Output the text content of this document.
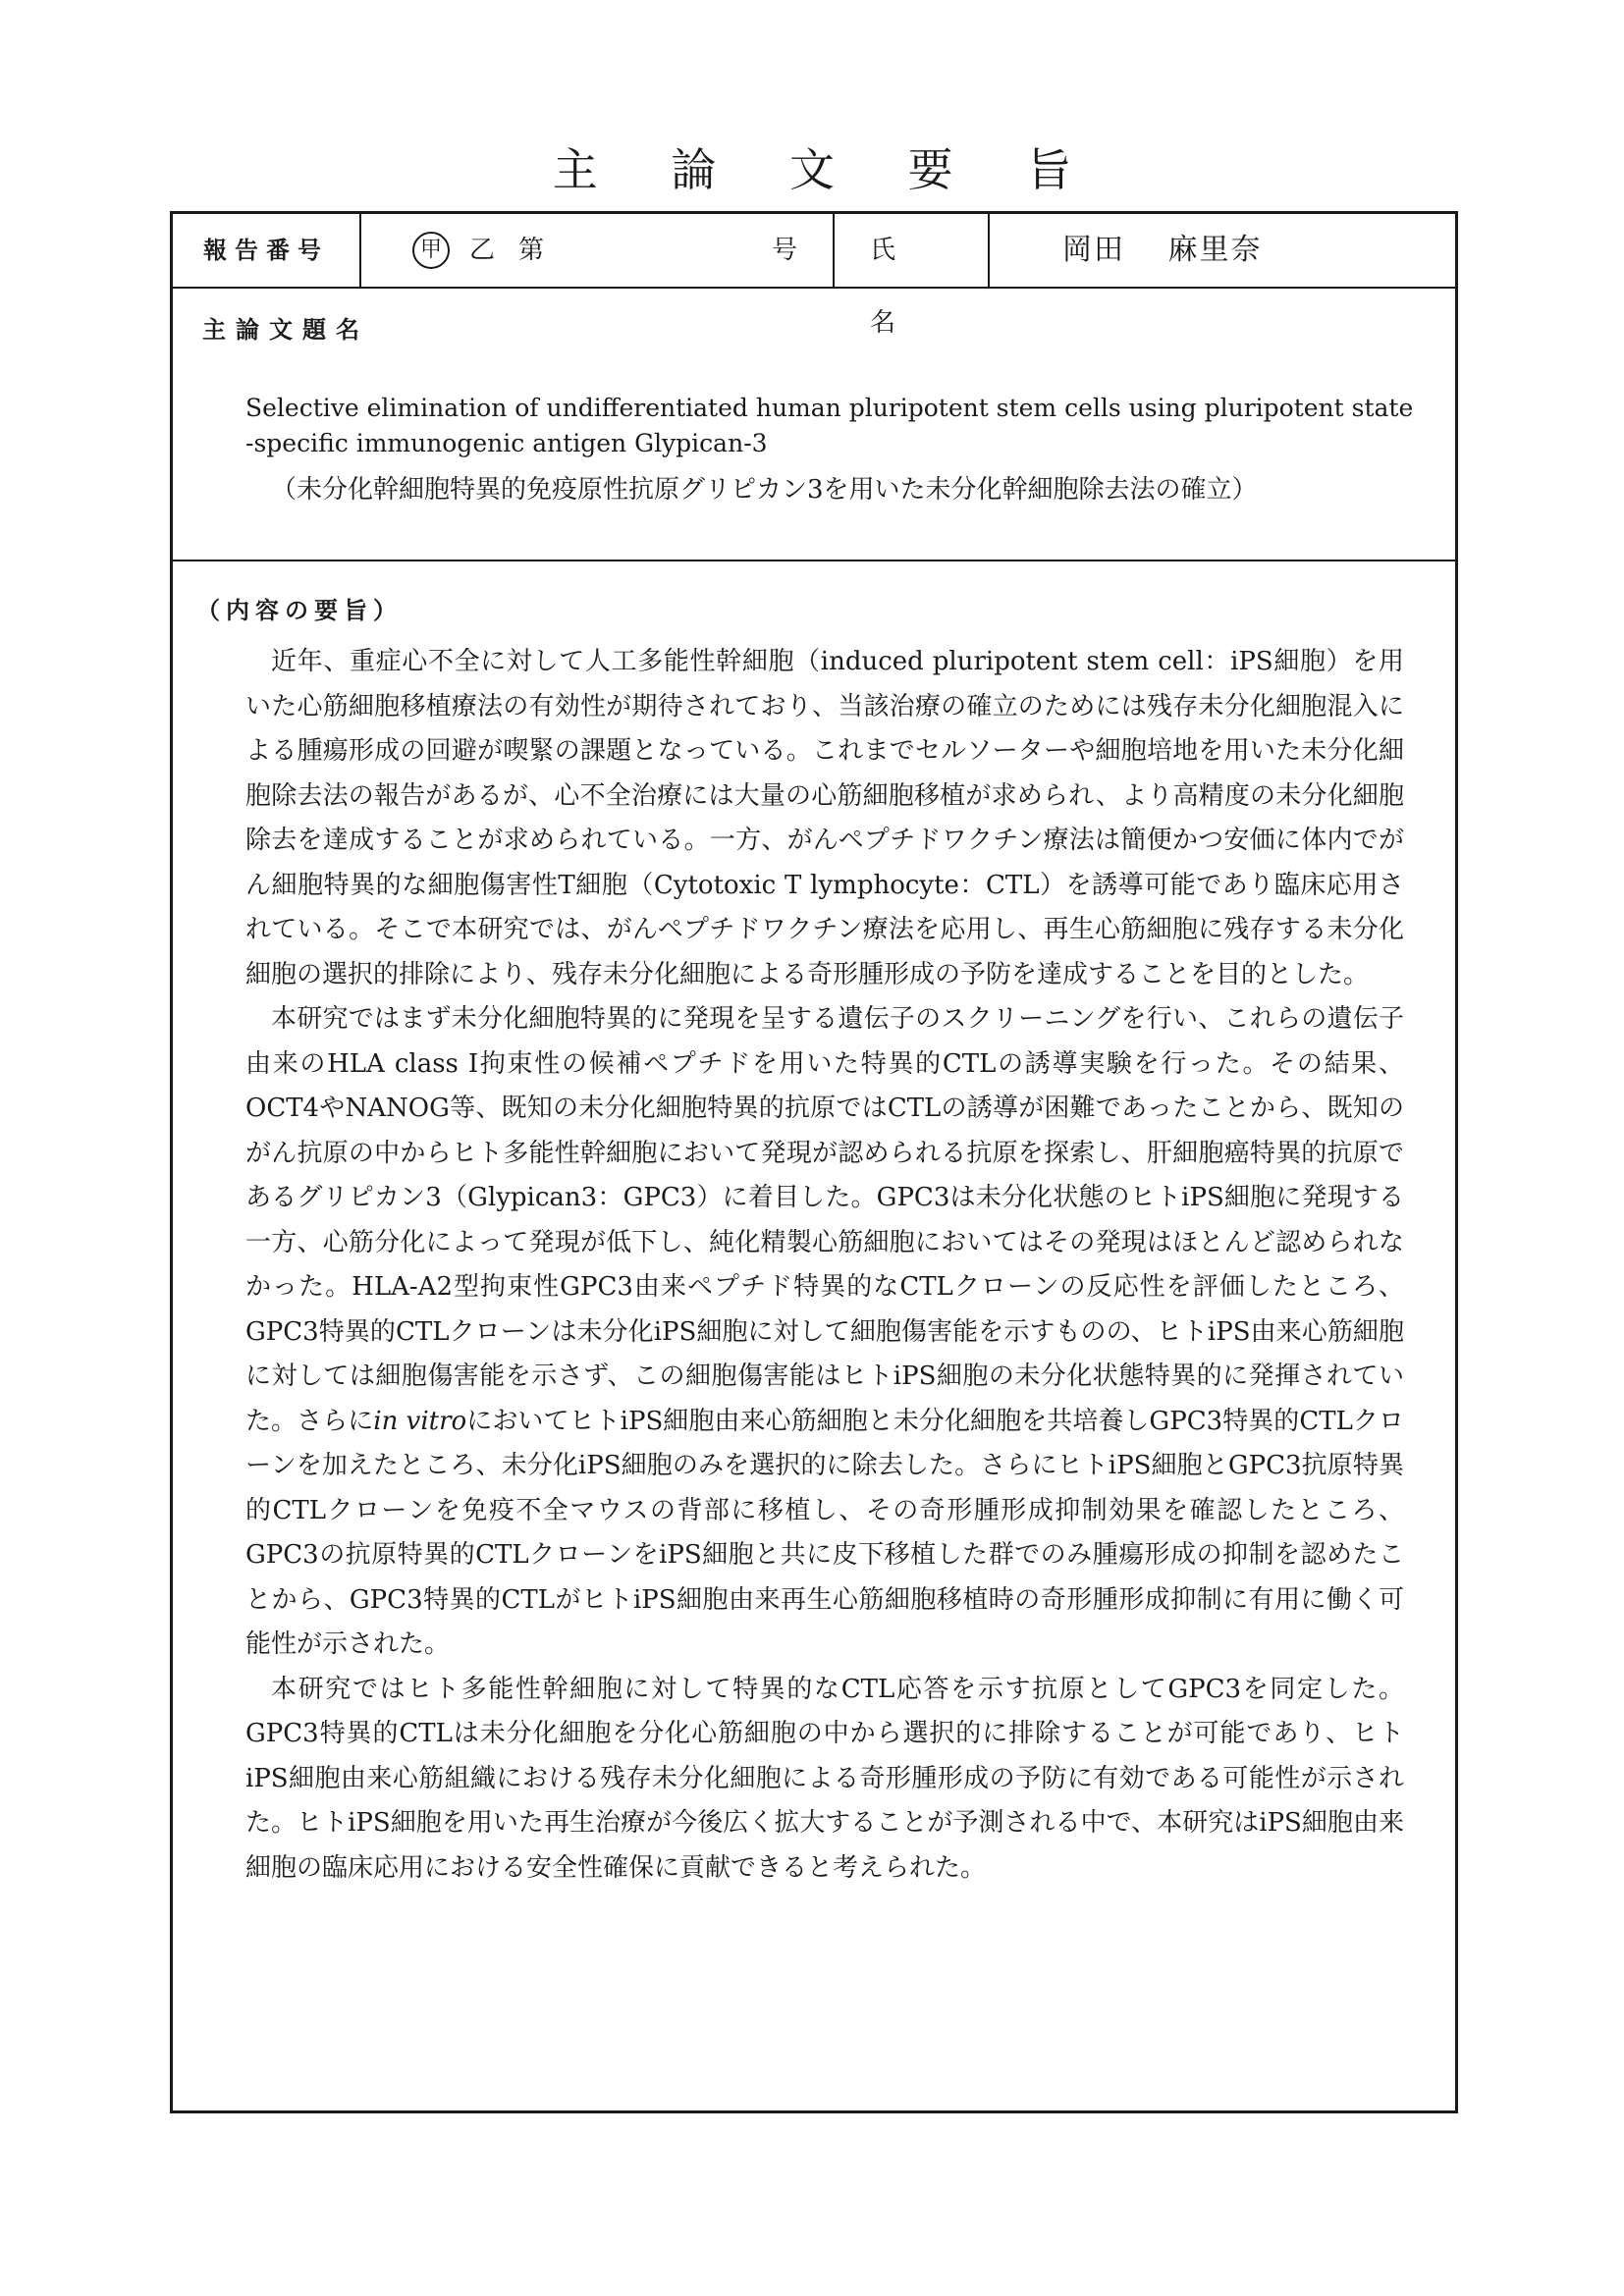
主 論 文 要 旨
報告番号	甲	乙 第	号	氏　名
岡田　 麻里奈
主論文題名
Selective elimination of undifferentiated human pluripotent stem cells using pluripotent state
-specific immunogenic antigen Glypican-3
（未分化幹細胞特異的免疫原性抗原グリピカン3を用いた未分化幹細胞除去法の確立）
（内容の要旨）

近年、重症心不全に対して人工多能性幹細胞（induced pluripotent stem cell：iPS細胞）を用いた心筋細胞移植療法の有効性が期待されており、当該治療の確立のためには残存未分化細胞混入による腫瘍形成の回避が喫緊の課題となっている。これまでセルソーターや細胞培地を用いた未分化細胞除去法の報告があるが、心不全治療には大量の心筋細胞移植が求められ、より高精度の未分化細胞除去を達成することが求められている。一方、がんペプチドワクチン療法は簡便かつ安価に体内でがん細胞特異的な細胞傷害性T細胞（Cytotoxic T lymphocyte：CTL）を誘導可能であり臨床応用されている。そこで本研究では、がんペプチドワクチン療法を応用し、再生心筋細胞に残存する未分化細胞の選択的排除により、残存未分化細胞による奇形腫形成の予防を達成することを目的とした。

本研究ではまず未分化細胞特異的に発現を呈する遺伝子のスクリーニングを行い、これらの遺伝子由来のHLA class I拘束性の候補ペプチドを用いた特異的CTLの誘導実験を行った。その結果、OCT4やNANOG等、既知の未分化細胞特異的抗原ではCTLの誘導が困難であったことから、既知のがん抗原の中からヒト多能性幹細胞において発現が認められる抗原を探索し、肝細胞癌特異的抗原であるグリピカン3（Glypican3：GPC3）に着目した。GPC3は未分化状態のヒトiPS細胞に発現する一方、心筋分化によって発現が低下し、純化精製心筋細胞においてはその発現はほとんど認められなかった。HLA-A2型拘束性GPC3由来ペプチド特異的なCTLクローンの反応性を評価したところ、GPC3特異的CTLクローンは未分化iPS細胞に対して細胞傷害能を示すものの、ヒトiPS由来心筋細胞に対しては細胞傷害能を示さず、この細胞傷害能はヒトiPS細胞の未分化状態特異的に発揮されていた。さらにin vitroにおいてヒトiPS細胞由来心筋細胞と未分化細胞を共培養しGPC3特異的CTLクローンを加えたところ、未分化iPS細胞のみを選択的に除去した。さらにヒトiPS細胞とGPC3抗原特異的CTLクローンを免疫不全マウスの背部に移植し、その奇形腫形成抑制効果を確認したところ、GPC3の抗原特異的CTLクローンをiPS細胞と共に皮下移植した群でのみ腫瘍形成の抑制を認めたことから、GPC3特異的CTLがヒトiPS細胞由来再生心筋細胞移植時の奇形腫形成抑制に有用に働く可能性が示された。

本研究ではヒト多能性幹細胞に対して特異的なCTL応答を示す抗原としてGPC3を同定した。GPC3特異的CTLは未分化細胞を分化心筋細胞の中から選択的に排除することが可能であり、ヒトiPS細胞由来心筋組織における残存未分化細胞による奇形腫形成の予防に有効である可能性が示された。ヒトiPS細胞を用いた再生治療が今後広く拡大することが予測される中で、本研究はiPS細胞由来細胞の臨床応用における安全性確保に貢献できると考えられた。
